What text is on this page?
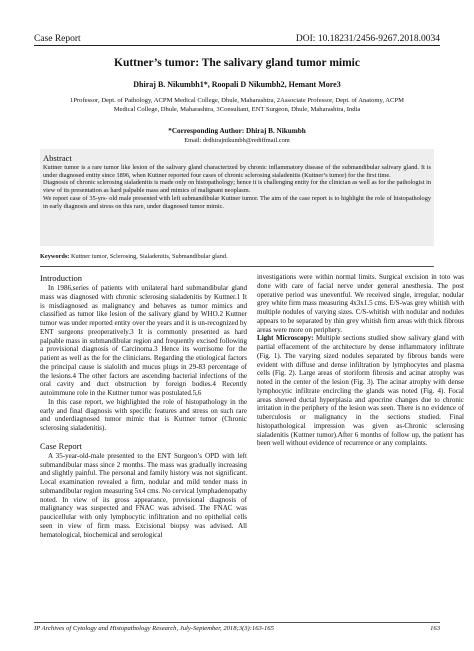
Case Report	DOI: 10.18231/2456-9267.2018.0034
Kuttner’s tumor: The salivary gland tumor mimic
Dhiraj B. Nikumbh1*, Roopali D Nikumbh2, Hemant More3
1Professor, Dept. of Pathology, ACPM Medical College, Dhule, Maharashtra, 2Associate Professor, Dept. of Anatomy, ACPM
Medical College, Dhule, Maharashtra, 3Consultant, ENT Surgeon, Dhule, Maharashtra, India
*Corresponding Author: Dhiraj B. Nikumbh
Email: drdhirajnikumbh@rediffmail.com
Abstract

Kuttner tumor is a rare tumor like lesion of the salivary gland characterized by chronic inflammatory disease of the submandibular salivary gland. It is under diagnosed entity since 1896, when Kuttner reported four cases of chronic sclerosing sialadenitis (Kuttner’s tumor) for the first time.

Diagnosis of chronic sclerosing sialadenitis is made only on histopathology; hence it is challenging entity for the clinician as well as for the pathologist in view of its presentation as hard palpable mass and mimics of malignant neoplasm.

We report case of 35-yrs- old male presented with left submandibular Kuttner tumor. The aim of the case report is to highlight the role of histopathology in early diagnosis and stress on this rare, under diagnosed tumor mimic.

Keywords: Kuttner tumor, Sclerosing, Sialadenitis, Submandibular gland.
Introduction

In 1986,series of patients with unilateral hard submandibular gland mass was diagnosed with chronic sclerosing sialadenitis by Kuttner.1 It is misdiagnosed as malignancy and behaves as tumor mimics and classified as tumor like lesion of the salivary gland by WHO.2 Kuttner tumor was under reported entity over the years and it is un-recognized by ENT surgeons preoperatively.3 It is commonly presented as hard palpable mass in submandibular region and frequently excised following a provisional diagnosis of Carcinoma.3 Hence its worrisome for the patient as well as the for the clinicians. Regarding the etiological factors the principal cause is sialolith and mucus plugs in 29-83 percentage of the lesions.4 The other factors are ascending bacterial infections of the oral cavity and duct obstruction by foreign bodies.4 Recently autoimmune role in the Kuttner tumor was postulated.5,6

In this case report, we highlighted the role of histopathology in the early and final diagnosis with specific features and stress on such rare and underdiagnosed tumor mimic that is Kuttner tumor (Chronic sclerosing sialadenitis).

Case Report

A 35-year-old-male presented to the ENT Surgeon’s OPD with left submandibular mass since 2 months. The mass was gradually increasing and slightly painful. The personal and family history was not significant. Local examination revealed a firm, nodular and mild tender mass in submandibular region measuring 5x4 cms. No cervical lymphadenopathy noted. In view of its gross appearance, provisional diagnosis of malignancy was suspected and FNAC was advised. The FNAC was paucicellular with only lymphocytic infiltration and no epithelial cells seen in view of firm mass. Excisional biopsy was advised. All hematological, biochemical and serological

investigations were within normal limits. Surgical excision in toto was done with care of facial nerve under general anesthesia. The post operative period was uneventful. We received single, irregular, nodular grey white firm mass measuring 4x3x1.5 cms. E/S-was grey whitish with multiple nodules of varying sizes. C/S-whitish with nodular and nodules appears to be separated by thin grey whitish firm areas with thick fibrous areas were more on periphery.

Light Microscopy: Multiple sections studied show salivary gland with partial effacement of the architecture by dense inflammatory infiltrate (Fig. 1). The varying sized nodules separated by fibrous bands were evident with diffuse and dense infiltration by lymphocytes and plasma cells (Fig. 2). Large areas of storiform fibrosis and acinar atrophy was noted in the center of the lesion (Fig. 3). The acinar atrophy with dense lymphocytic infiltrate encircling the glands was noted (Fig. 4). Focal areas showed ductal hyperplasia and apocrine changes due to chronic irritation in the periphery of the lesion was seen. There is no evidence of tuberculosis or malignancy in the sections studied. Final histopathological impression was given as-Chronic sclerosing sialadenitis (Kuttner tumor).After 6 months of follow up, the patient has been well without evidence of recurrence or any complaints.

IP Archives of Cytology and Histopathology Research, July-September, 2018;3(3):163-165	163
